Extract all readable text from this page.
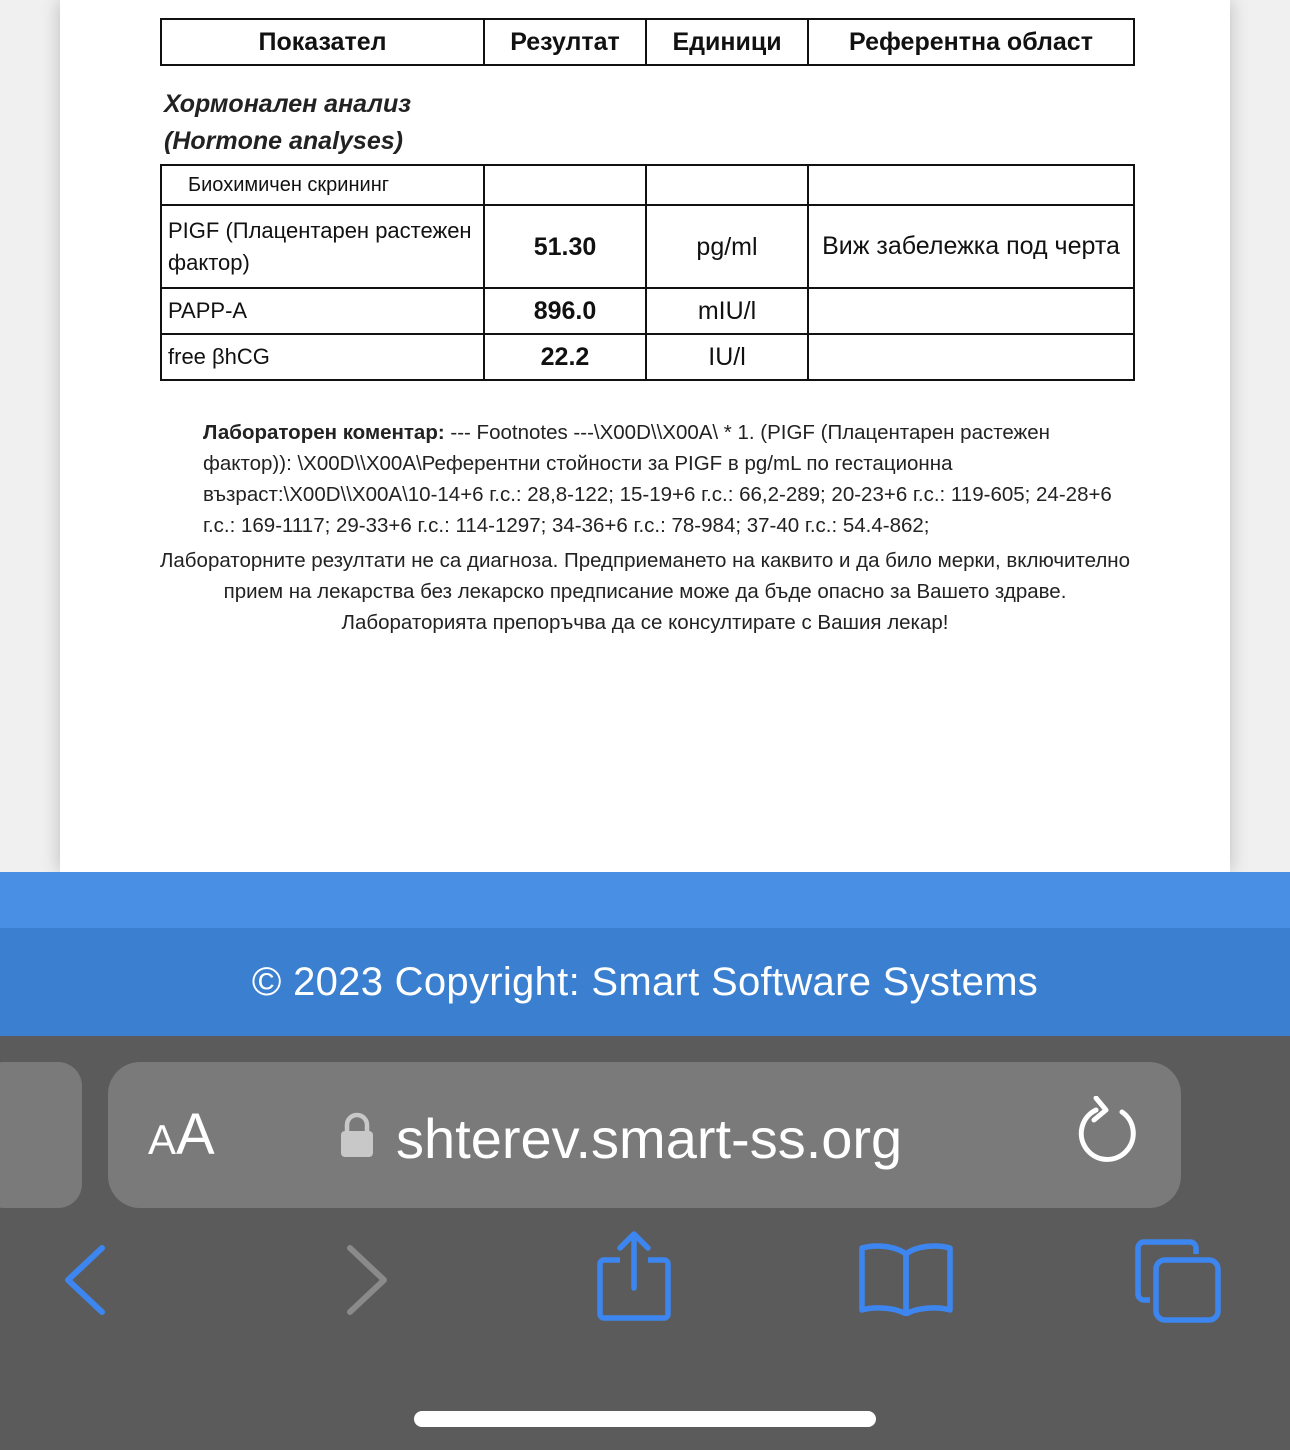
Показател	Резултат	Единици	Референтна област
Хормонален анализ
(Hormone analyses)
Биохимичен скрининг			
PIGF (Плацентарен растежен фактор)	51.30	pg/ml	Виж забележка под черта
PAPP-A	896.0	mIU/l	
free βhCG	22.2	IU/l	
Лабораторен коментар: --- Footnotes ---\X00D\\X00A\ * 1. (PIGF (Плацентарен растежен фактор)): \X00D\\X00A\Референтни стойности за PIGF в pg/mL по гестационна възраст:\X00D\\X00A\10-14+6 г.с.: 28,8-122; 15-19+6 г.с.: 66,2-289; 20-23+6 г.с.: 119-605; 24-28+6 г.с.: 169-1117; 29-33+6 г.с.: 114-1297; 34-36+6 г.с.: 78-984; 37-40 г.с.: 54.4-862;
Лабораторните резултати не са диагноза. Предприемането на каквито и да било мерки, включително прием на лекарства без лекарско предписание може да бъде опасно за Вашето здраве. Лабораторията препоръчва да се консултирате с Вашия лекар!
© 2023 Copyright: Smart Software Systems
AA	shterev.smart-ss.org
